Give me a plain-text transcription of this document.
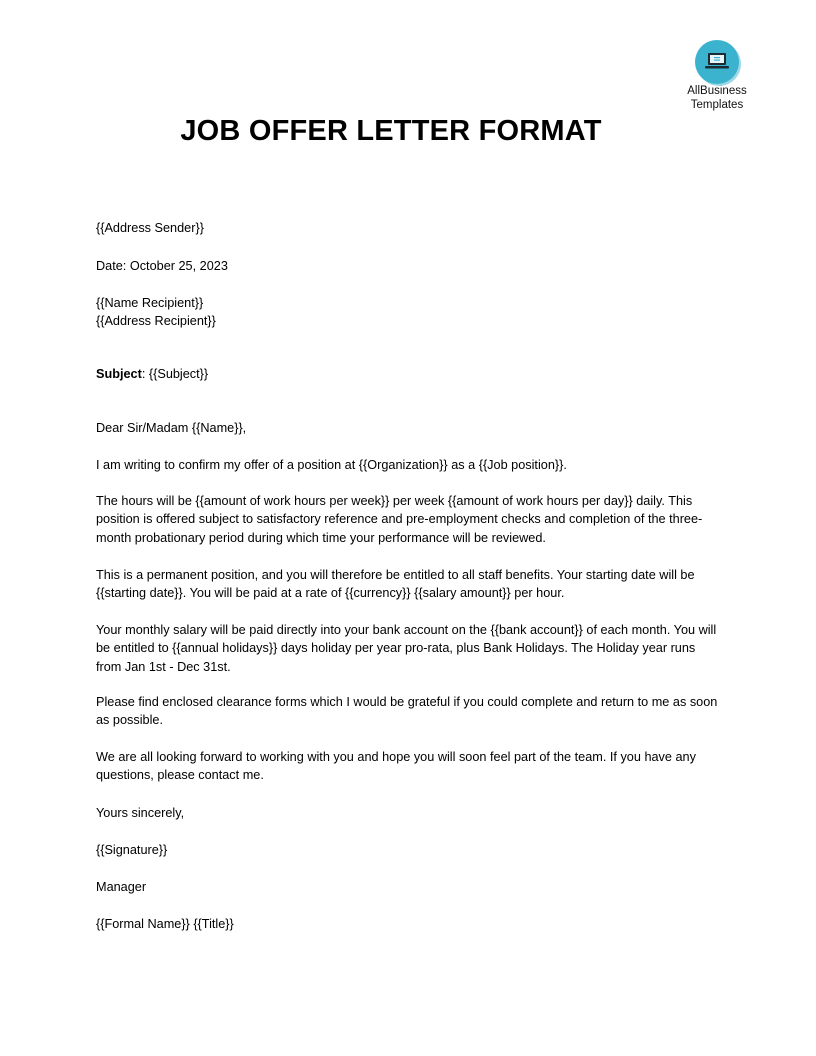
AllBusiness
Templates
JOB OFFER LETTER FORMAT
{{Address Sender}}
Date: October 25, 2023
{{Name Recipient}}
{{Address Recipient}}
Subject: {{Subject}}
Dear Sir/Madam {{Name}},
I am writing to confirm my offer of a position at {{Organization}} as a {{Job position}}.
The hours will be {{amount of work hours per week}} per week {{amount of work hours per day}} daily. This position is offered subject to satisfactory reference and pre-employment checks and completion of the three-month probationary period during which time your performance will be reviewed.
This is a permanent position, and you will therefore be entitled to all staff benefits. Your starting date will be {{starting date}}. You will be paid at a rate of {{currency}} {{salary amount}} per hour.
Your monthly salary will be paid directly into your bank account on the {{bank account}} of each month. You will be entitled to {{annual holidays}} days holiday per year pro-rata, plus Bank Holidays. The Holiday year runs from Jan 1st - Dec 31st.
Please find enclosed clearance forms which I would be grateful if you could complete and return to me as soon as possible.
We are all looking forward to working with you and hope you will soon feel part of the team. If you have any questions, please contact me.
Yours sincerely,
{{Signature}}
Manager
{{Formal Name}} {{Title}}
